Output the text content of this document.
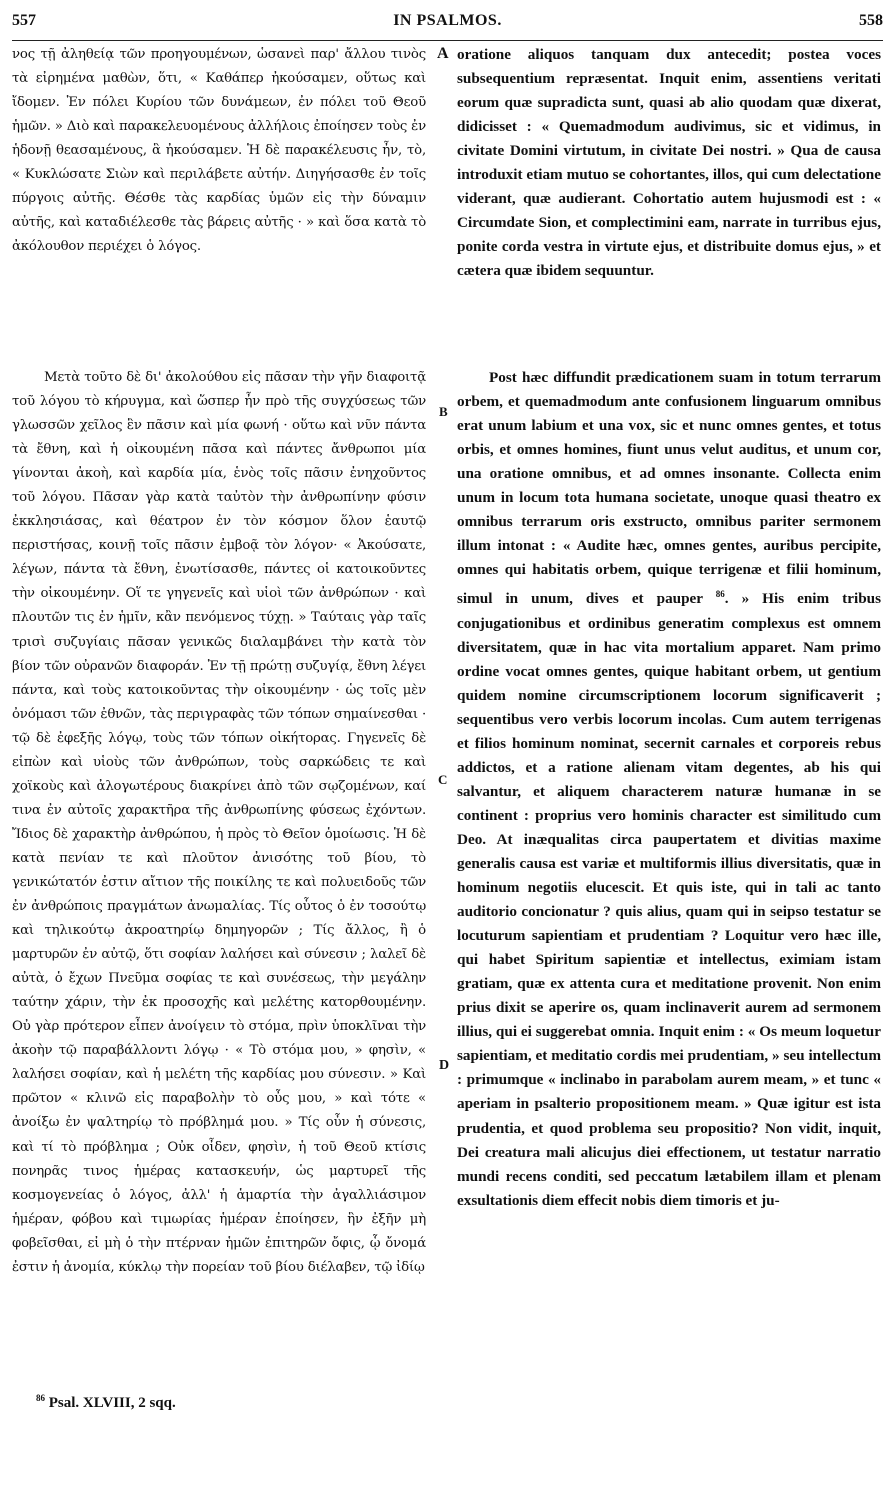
557	IN PSALMOS.	558

νος τῇ ἀληθείᾳ τῶν προηγουμένων, ὡσανεὶ παρ' ἄλλου τινὸς τὰ εἰρημένα μαθὼν, ὅτι, « Καθάπερ ἠκούσαμεν, οὕτως καὶ ἴδομεν. Ἐν πόλει Κυρίου τῶν δυνάμεων, ἐν πόλει τοῦ Θεοῦ ἡμῶν. » Διὸ καὶ παρακελευομένους ἀλλήλοις ἐποίησεν τοὺς ἐν ἡδονῇ θεασαμένους, ἃ ἠκούσαμεν. Ἡ δὲ παρακέλευσις ἦν, τὸ, « Κυκλώσατε Σιὼν καὶ περιλάβετε αὐτήν. Διηγήσασθε ἐν τοῖς πύργοις αὐτῆς. Θέσθε τὰς καρδίας ὑμῶν εἰς τὴν δύναμιν αὐτῆς, καὶ καταδιέλεσθε τὰς βάρεις αὐτῆς · » καὶ ὅσα κατὰ τὸ ἀκόλουθον περιέχει ὁ λόγος.

oratione aliquos tanquam dux antecedit; postea voces subsequentium repræsentat. Inquit enim, assentiens veritati eorum quæ supradicta sunt, quasi ab alio quodam quæ dixerat, didicisset : « Quemadmodum audivimus, sic et vidimus, in civitate Domini virtutum, in civitate Dei nostri. » Qua de causa introduxit etiam mutuo se cohortantes, illos, qui cum delectatione viderant, quæ audierant. Cohortatio autem hujusmodi est : « Circumdate Sion, et complectimini eam, narrate in turribus ejus, ponite corda vestra in virtute ejus, et distribuite domus ejus, » et cætera quæ ibidem sequuntur.

Μετὰ τοῦτο δὲ δι' ἀκολούθου εἰς πᾶσαν τὴν γῆν διαφοιτᾷ τοῦ λόγου τὸ κήρυγμα, καὶ ὥσπερ ἦν πρὸ τῆς συγχύσεως τῶν γλωσσῶν χεῖλος ἓν πᾶσιν καὶ μία φωνή · οὕτω καὶ νῦν πάντα τὰ ἔθνη, καὶ ἡ οἰκουμένη πᾶσα καὶ πάντες ἄνθρωποι μία γίνονται ἀκοὴ, καὶ καρδία μία, ἑνὸς τοῖς πᾶσιν ἐνηχοῦντος τοῦ λόγου. Πᾶσαν γὰρ κατὰ ταὐτὸν τὴν ἀνθρωπίνην φύσιν ἐκκλησιάσας, καὶ θέατρον ἐν τὸν κόσμον ὅλον ἑαυτῷ περιστήσας, κοινῇ τοῖς πᾶσιν ἐμβοᾷ τὸν λόγον· « Ἀκούσατε, λέγων, πάντα τὰ ἔθνη, ἐνωτίσασθε, πάντες οἱ κατοικοῦντες τὴν οἰκουμένην. Οἵ τε γηγενεῖς καὶ υἱοὶ τῶν ἀνθρώπων · καὶ πλουτῶν τις ἐν ἡμῖν, κἂν πενόμενος τύχῃ. » Ταύταις γὰρ ταῖς τρισὶ συζυγίαις πᾶσαν γενικῶς διαλαμβάνει τὴν κατὰ τὸν βίον τῶν οὐρανῶν διαφοράν. Ἐν τῇ πρώτῃ συζυγίᾳ, ἔθνη λέγει πάντα, καὶ τοὺς κατοικοῦντας τὴν οἰκουμένην · ὡς τοῖς μὲν ὀνόμασι τῶν ἐθνῶν, τὰς περιγραφὰς τῶν τόπων σημαίνεσθαι · τῷ δὲ ἐφεξῆς λόγῳ, τοὺς τῶν τόπων οἰκήτορας. Γηγενεῖς δὲ εἰπὼν καὶ υἱοὺς τῶν ἀνθρώπων, τοὺς σαρκώδεις τε καὶ χοϊκοὺς καὶ ἀλογωτέρους διακρίνει ἀπὸ τῶν σῳζομένων, καί τινα ἐν αὐτοῖς χαρακτῆρα τῆς ἀνθρωπίνης φύσεως ἐχόντων. Ἴδιος δὲ χαρακτὴρ ἀνθρώπου, ἡ πρὸς τὸ Θεῖον ὁμοίωσις. Ἡ δὲ κατὰ πενίαν τε καὶ πλοῦτον ἀνισότης τοῦ βίου, τὸ γενικώτατόν ἐστιν αἴτιον τῆς ποικίλης τε καὶ πολυειδοῦς τῶν ἐν ἀνθρώποις πραγμάτων ἀνωμαλίας. Τίς οὗτος ὁ ἐν τοσούτῳ καὶ τηλικούτῳ ἀκροατηρίῳ δημηγορῶν ; Τίς ἄλλος, ἢ ὁ μαρτυρῶν ἐν αὐτῷ, ὅτι σοφίαν λαλήσει καὶ σύνεσιν ; λαλεῖ δὲ αὐτὰ, ὁ ἔχων Πνεῦμα σοφίας τε καὶ συνέσεως, τὴν μεγάλην ταύτην χάριν, τὴν ἐκ προσοχῆς καὶ μελέτης κατορθουμένην. Οὐ γὰρ πρότερον εἶπεν ἀνοίγειν τὸ στόμα, πρὶν ὑποκλῖναι τὴν ἀκοὴν τῷ παραβάλλοντι λόγῳ · « Τὸ στόμα μου, » φησὶν, « λαλήσει σοφίαν, καὶ ἡ μελέτη τῆς καρδίας μου σύνεσιν. » Καὶ πρῶτον « κλινῶ εἰς παραβολὴν τὸ οὖς μου, » καὶ τότε « ἀνοίξω ἐν ψαλτηρίῳ τὸ πρόβλημά μου. » Τίς οὖν ἡ σύνεσις, καὶ τί τὸ πρόβλημα ; Οὐκ οἶδεν, φησὶν, ἡ τοῦ Θεοῦ κτίσις πονηρᾶς τινος ἡμέρας κατασκευήν, ὡς μαρτυρεῖ τῆς κοσμογενείας ὁ λόγος, ἀλλ' ἡ ἁμαρτία τὴν ἀγαλλιάσιμον ἡμέραν, φόβου καὶ τιμωρίας ἡμέραν ἐποίησεν, ἣν ἐξῆν μὴ φοβεῖσθαι, εἰ μὴ ὁ τὴν πτέρναν ἡμῶν ἐπιτηρῶν ὄφις, ᾧ ὄνομά ἐστιν ἡ ἀνομία, κύκλῳ τὴν πορείαν τοῦ βίου διέλαβεν, τῷ ἰδίῳ

Post hæc diffundit prædicationem suam in totum terrarum orbem, et quemadmodum ante confusionem linguarum omnibus erat unum labium et una vox, sic et nunc omnes gentes, et totus orbis, et omnes homines, fiunt unus velut auditus, et unum cor, una oratione omnibus, et ad omnes insonante. Collecta enim unum in locum tota humana societate, unoque quasi theatro ex omnibus terrarum oris exstructo, omnibus pariter sermonem illum intonat : « Audite hæc, omnes gentes, auribus percipite, omnes qui habitatis orbem, quique terrigenæ et filii hominum, simul in unum, dives et pauper $^{86}$. » His enim tribus conjugationibus et ordinibus generatim complexus est omnem diversitatem, quæ in hac vita mortalium apparet. Nam primo ordine vocat omnes gentes, quique habitant orbem, ut gentium quidem nomine circumscriptionem locorum significaverit ; sequentibus vero verbis locorum incolas. Cum autem terrigenas et filios hominum nominat, secernit carnales et corporeis rebus addictos, et a ratione alienam vitam degentes, ab his qui salvantur, et aliquem characterem naturæ humanæ in se continent : proprius vero hominis character est similitudo cum Deo. At inæqualitas circa paupertatem et divitias maxime generalis causa est variæ et multiformis illius diversitatis, quæ in hominum negotiis elucescit. Et quis iste, qui in tali ac tanto auditorio concionatur ? quis alius, quam qui in seipso testatur se locuturum sapientiam et prudentiam ? Loquitur vero hæc ille, qui habet Spiritum sapientiæ et intellectus, eximiam istam gratiam, quæ ex attenta cura et meditatione provenit. Non enim prius dixit se aperire os, quam inclinaverit aurem ad sermonem illius, qui ei suggerebat omnia. Inquit enim : « Os meum loquetur sapientiam, et meditatio cordis mei prudentiam, » seu intellectum : primumque « inclinabo in parabolam aurem meam, » et tunc « aperiam in psalterio propositionem meam. » Quæ igitur est ista prudentia, et quod problema seu propositio? Non vidit, inquit, Dei creatura mali alicujus diei effectionem, ut testatur narratio mundi recens conditi, sed peccatum lætabilem illam et plenam exsultationis diem effecit nobis diem timoris et ju-

A
B
C
D
$^{86}$ Psal. XLVIII, 2 sqq.
